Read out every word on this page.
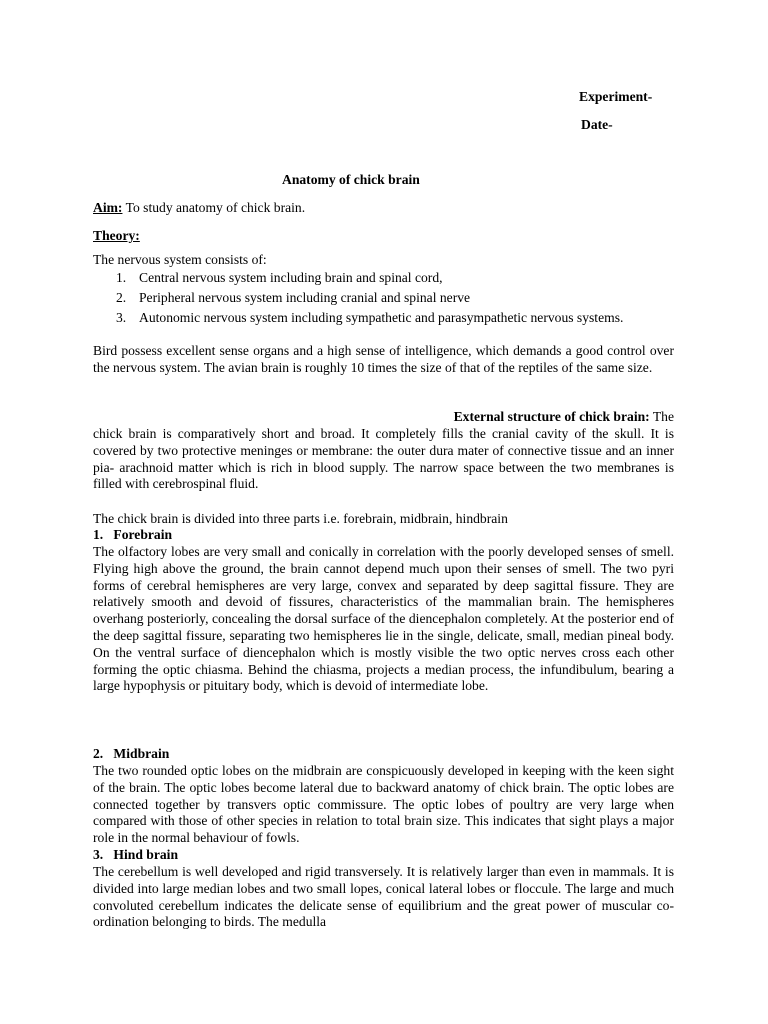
Experiment-
Date-
Anatomy of chick brain
Aim: To study anatomy of chick brain.
Theory:
The nervous system consists of:
1. Central nervous system including brain and spinal cord,
2. Peripheral nervous system including cranial and spinal nerve
3. Autonomic nervous system including sympathetic and parasympathetic nervous systems.
Bird possess excellent sense organs and a high sense of intelligence, which demands a good control over the nervous system. The avian brain is roughly 10 times the size of that of the reptiles of the same size.
External structure of chick brain: The
chick brain is comparatively short and broad. It completely fills the cranial cavity of the skull. It is covered by two protective meninges or membrane: the outer dura mater of connective tissue and an inner pia- arachnoid matter which is rich in blood supply. The narrow space between the two membranes is filled with cerebrospinal fluid.
The chick brain is divided into three parts i.e. forebrain, midbrain, hindbrain
1. Forebrain
The olfactory lobes are very small and conically in correlation with the poorly developed senses of smell. Flying high above the ground, the brain cannot depend much upon their senses of smell. The two pyri forms of cerebral hemispheres are very large, convex and separated by deep sagittal fissure. They are relatively smooth and devoid of fissures, characteristics of the mammalian brain. The hemispheres overhang posteriorly, concealing the dorsal surface of the diencephalon completely. At the posterior end of the deep sagittal fissure, separating two hemispheres lie in the single, delicate, small, median pineal body. On the ventral surface of diencephalon which is mostly visible the two optic nerves cross each other forming the optic chiasma. Behind the chiasma, projects a median process, the infundibulum, bearing a large hypophysis or pituitary body, which is devoid of intermediate lobe.
2. Midbrain
The two rounded optic lobes on the midbrain are conspicuously developed in keeping with the keen sight of the brain. The optic lobes become lateral due to backward anatomy of chick brain. The optic lobes are connected together by transvers optic commissure. The optic lobes of poultry are very large when compared with those of other species in relation to total brain size. This indicates that sight plays a major role in the normal behaviour of fowls.
3. Hind brain
The cerebellum is well developed and rigid transversely. It is relatively larger than even in mammals. It is divided into large median lobes and two small lopes, conical lateral lobes or floccule. The large and much convoluted cerebellum indicates the delicate sense of equilibrium and the great power of muscular co-ordination belonging to birds. The medulla
